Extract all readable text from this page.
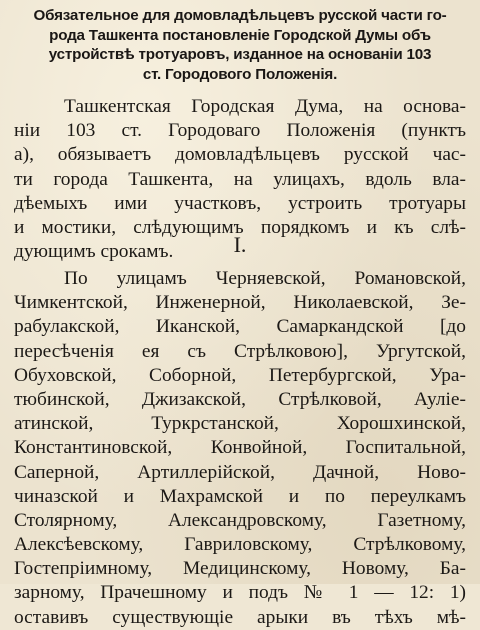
Обязательное для домовладѣльцевъ русской части го-
рода Ташкента постановленіе Городской Думы объ
устройствѣ тротуаровъ, изданное на основаніи 103
ст. Городового Положенія.
Ташкентская Городская Дума, на основа-
ніи 103 ст. Городоваго Положенія (пунктъ
а), обязываетъ домовладѣльцевъ русской час-
ти города Ташкента, на улицахъ, вдоль вла-
дѣемыхъ ими участковъ, устроить тротуары
и мостики, слѣдующимъ порядкомъ и къ слѣ-
дующимъ срокамъ.	I.
По улицамъ Черняевской, Романовской,
Чимкентской, Инженерной, Николаевской, Зе-
рабулакской, Иканской, Самаркандской [до
пересѣченія ея съ Стрѣлковою], Ургутской,
Обуховской, Соборной, Петербургской, Ура-
тюбинской, Джизакской, Стрѣлковой, Ауліе-
атинской, Туркрстанской, Хорошхинской,
Константиновской, Конвойной, Госпитальной,
Саперной, Артиллерійской, Дачной, Ново-
чиназской и Махрамской и по переулкамъ
Столярному, Александровскому, Газетному,
Алексѣевскому, Гавриловскому, Стрѣлковому,
Гостепріимному, Медицинскому, Новому, Ба-
зарному, Прачешному и подъ № 1 — 12: 1)
оставивъ существующіе арыки въ тѣхъ мѣ-
